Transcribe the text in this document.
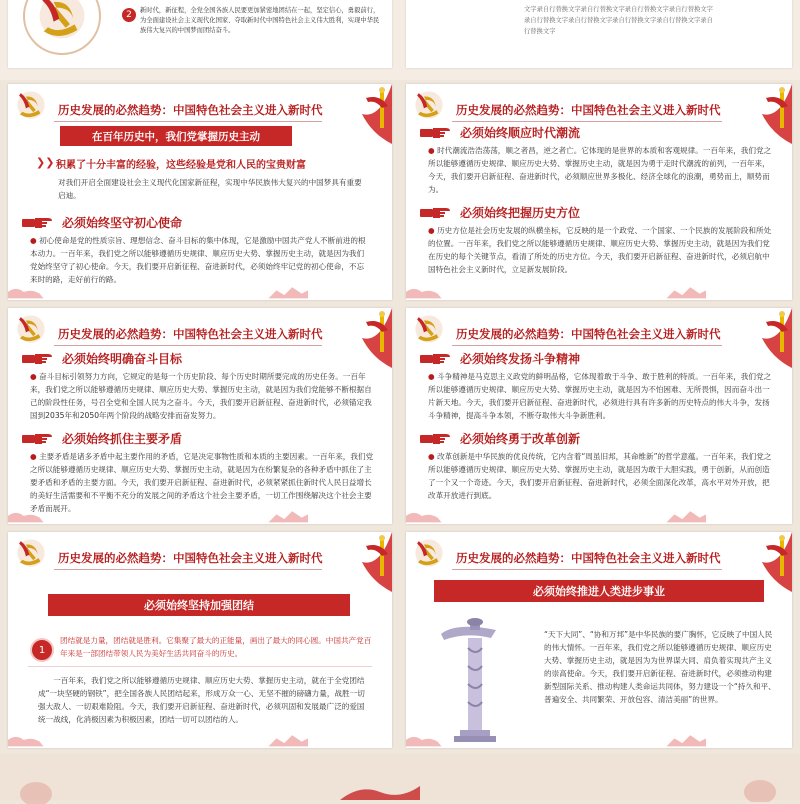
2	新时代，新征程，全党全国各族人民要更加紧密地团结在一起，坚定信心，勇毅前行，为全面建设社会主义现代化国家、夺取新时代中国特色社会主义伟大胜利，实现中华民族伟大复兴的中国梦而团结奋斗。
文字录自行替换文字录自行替换文字录自行替换文字录自行替换文字录自行替换文字录自行替换文字录自行替换文字录自行替换文字录自行替换文字
历史发展的必然趋势：中国特色社会主义进入新时代
在百年历史中，我们党掌握历史主动
❯❯ 积累了十分丰富的经验，这些经验是党和人民的宝贵财富
对我们开启全面建设社会主义现代化国家新征程，实现中华民族伟大复兴的中国梦具有重要启迪。
必须始终坚守初心使命
● 初心使命是党的性质宗旨、理想信念、奋斗目标的集中体现，它是激励中国共产党人不断前进的根本动力。一百年来，我们党之所以能够遵循历史规律、顺应历史大势、掌握历史主动，就是因为我们党始终坚守了初心使命。今天，我们要开启新征程、奋进新时代，必须始终牢记党的初心使命，不忘来时的路，走好前行的路。
历史发展的必然趋势：中国特色社会主义进入新时代
必须始终顺应时代潮流
● 时代潮流浩浩荡荡，顺之者昌，逆之者亡。它体现的是世界的本质和客观规律。一百年来，我们党之所以能够遵循历史规律、顺应历史大势、掌握历史主动，就是因为勇于走时代潮流的前列，一百年来，今天，我们要开启新征程、奋进新时代，必须顺应世界多极化、经济全球化的浪潮，勇势而上，顺势而为。
必须始终把握历史方位
● 历史方位是社会历史发展的纵横坐标，它反映的是一个政党、一个国家、一个民族的发展阶段和所处的位置。一百年来，我们党之所以能够遵循历史规律、顺应历史大势、掌握历史主动，就是因为我们党在历史的每个关键节点，看清了所处的历史方位。今天，我们要开启新征程、奋进新时代，必须启航中国特色社会主义新时代，立足新发展阶段。
历史发展的必然趋势：中国特色社会主义进入新时代
必须始终明确奋斗目标
● 奋斗目标引领努力方向，它规定的是每一个历史阶段、每个历史时期所要完成的历史任务。一百年来，我们党之所以能够遵循历史规律、顺应历史大势、掌握历史主动，就是因为我们党能够不断根据自己的阶段性任务，号召全党和全国人民为之奋斗。今天，我们要开启新征程、奋进新时代，必须锚定我国到2035年和2050年两个阶段的战略安排而奋发努力。
必须始终抓住主要矛盾
● 主要矛盾是诸多矛盾中起主要作用的矛盾，它是决定事物性质和本质的主要因素。一百年来，我们党之所以能够遵循历史规律、顺应历史大势、掌握历史主动，就是因为在纷繁复杂的各种矛盾中抓住了主要矛盾和矛盾的主要方面。今天，我们要开启新征程、奋进新时代，必须紧紧抓住新时代人民日益增长的美好生活需要和不平衡不充分的发展之间的矛盾这个社会主要矛盾，一切工作围绕解决这个社会主要矛盾而展开。
历史发展的必然趋势：中国特色社会主义进入新时代
必须始终发扬斗争精神
● 斗争精神是马克思主义政党的鲜明品格，它体现着敢于斗争、敢于胜利的特质。一百年来，我们党之所以能够遵循历史规律、顺应历史大势、掌握历史主动，就是因为不怕困难、无所畏惧，因而奋斗出一片新天地。今天，我们要开启新征程、奋进新时代，必须进行具有许多新的历史特点的伟大斗争，发扬斗争精神，提高斗争本领，不断夺取伟大斗争新胜利。
必须始终勇于改革创新
● 改革创新是中华民族的优良传统，它内含着“周虽旧邦，其命维新”的哲学意蕴。一百年来，我们党之所以能够遵循历史规律、顺应历史大势、掌握历史主动，就是因为敢于大胆实践，勇于创新，从而创造了一个又一个奇迹。今天，我们要开启新征程、奋进新时代，必须全面深化改革，高水平对外开放，把改革开放进行到底。
历史发展的必然趋势：中国特色社会主义进入新时代
必须始终坚持加强团结
1
团结就是力量，团结就是胜利。它集聚了最大的正能量，画出了最大的同心圆。中国共产党百年来是一部团结带领人民为美好生活共同奋斗的历史。
一百年来，我们党之所以能够遵循历史规律、顺应历史大势、掌握历史主动，就在于全党团结成“一块坚硬的钢铁”，把全国各族人民团结起来，形成万众一心、无坚不摧的磅礴力量，战胜一切强大敌人、一切艰难险阻。今天，我们要开启新征程、奋进新时代，必须巩固和发展最广泛的爱国统一战线，化消极因素为积极因素，团结一切可以团结的人。
历史发展的必然趋势：中国特色社会主义进入新时代
必须始终推进人类进步事业
“天下大同”、“协和万邦”是中华民族的要广胸怀，它反映了中国人民的伟大情怀。一百年来，我们党之所以能够遵循历史规律、顺应历史大势、掌握历史主动，就是因为为世界谋大同、肩负着实现共产主义的崇高使命。今天，我们要开启新征程、奋进新时代，必须推动构建新型国际关系、推动构建人类命运共同体，努力建设一个“持久和平、普遍安全、共同繁荣、开放包容、清洁美丽”的世界。
